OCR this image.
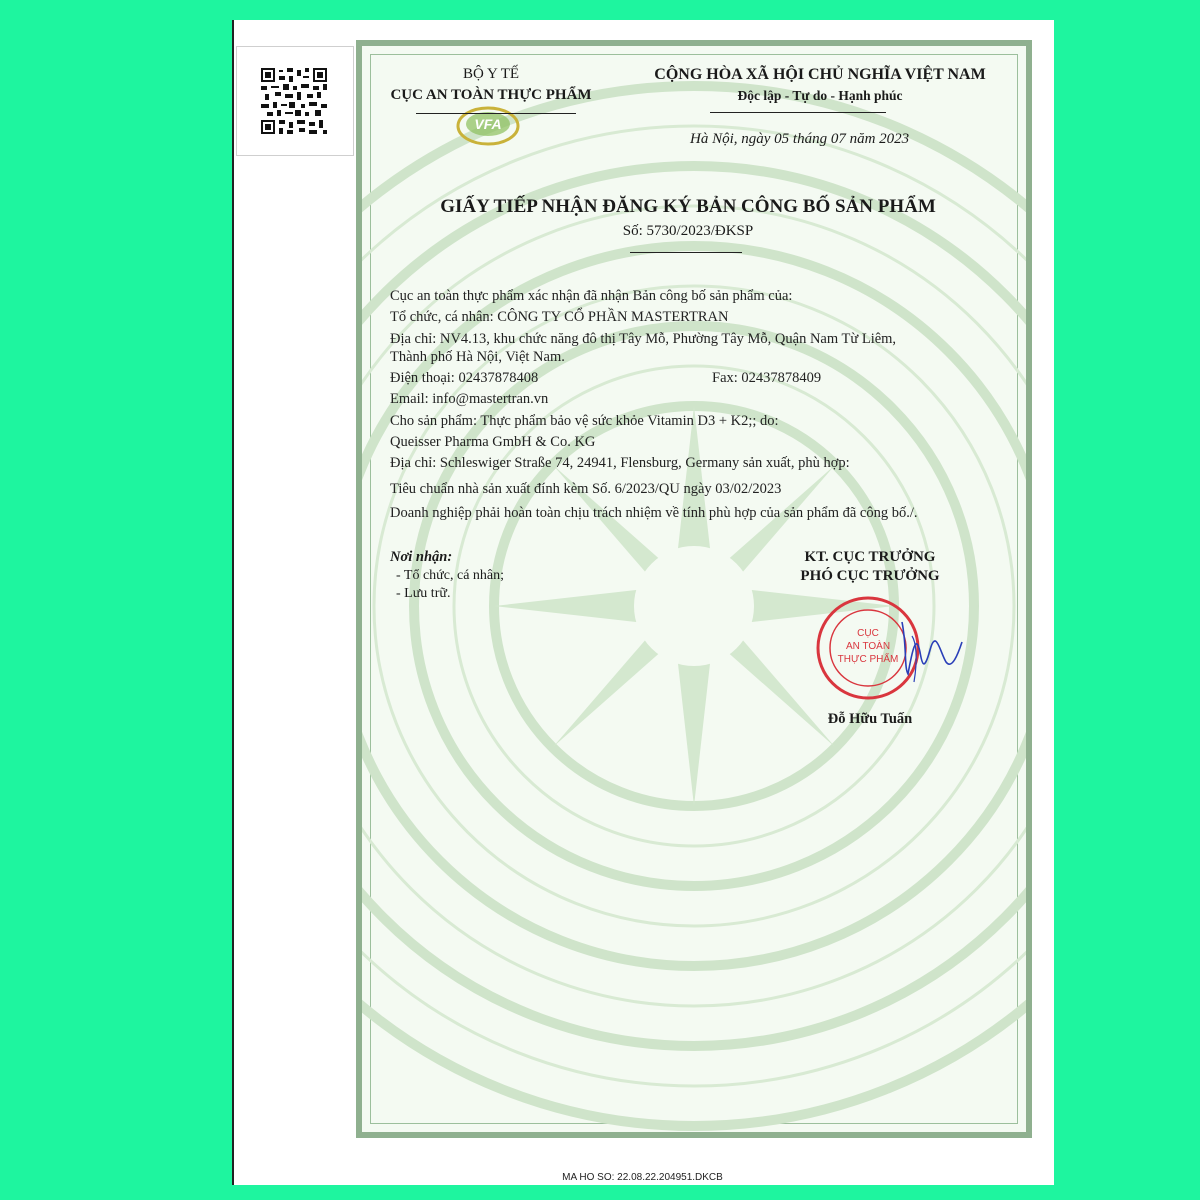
VFA
BỘ Y TẾ
CỤC AN TOÀN THỰC PHẨM
CỘNG HÒA XÃ HỘI CHỦ NGHĨA VIỆT NAM
Độc lập - Tự do - Hạnh phúc
Hà Nội, ngày 05 tháng 07 năm 2023
GIẤY TIẾP NHẬN ĐĂNG KÝ BẢN CÔNG BỐ SẢN PHẨM
Số: 5730/2023/ĐKSP
Cục an toàn thực phẩm xác nhận đã nhận Bản công bố sản phẩm của:
Tổ chức, cá nhân: CÔNG TY CỔ PHẦN MASTERTRAN
Địa chỉ: NV4.13, khu chức năng đô thị Tây Mỗ, Phường Tây Mỗ, Quận Nam Từ Liêm,
Thành phố Hà Nội, Việt Nam.
Điện thoại: 02437878408	Fax: 02437878409
Email: info@mastertran.vn
Cho sản phẩm: Thực phẩm bảo vệ sức khỏe Vitamin D3 + K2;; do:
Queisser Pharma GmbH & Co. KG
Địa chỉ: Schleswiger Straße 74, 24941, Flensburg, Germany sản xuất, phù hợp:
Tiêu chuẩn nhà sản xuất đính kèm Số. 6/2023/QU ngày 03/02/2023
Doanh nghiệp phải hoàn toàn chịu trách nhiệm về tính phù hợp của sản phẩm đã công bố./.
Nơi nhận:
- Tổ chức, cá nhân;
- Lưu trữ.
KT. CỤC TRƯỞNG
PHÓ CỤC TRƯỞNG
CỤC
AN TOÀN
THỰC PHẨM
Đỗ Hữu Tuấn
MA HO SO: 22.08.22.204951.DKCB
